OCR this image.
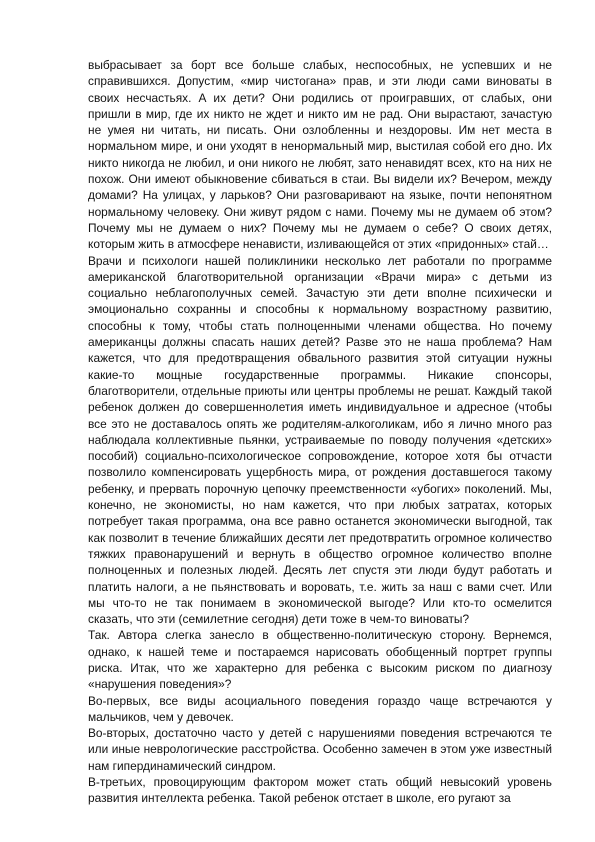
выбрасывает за борт все больше слабых, неспособных, не успевших и не справившихся. Допустим, «мир чистогана» прав, и эти люди сами виноваты в своих несчастьях. А их дети? Они родились от проигравших, от слабых, они пришли в мир, где их никто не ждет и никто им не рад. Они вырастают, зачастую не умея ни читать, ни писать. Они озлобленны и нездоровы. Им нет места в нормальном мире, и они уходят в ненормальный мир, выстилая собой его дно. Их никто никогда не любил, и они никого не любят, зато ненавидят всех, кто на них не похож. Они имеют обыкновение сбиваться в стаи. Вы видели их? Вечером, между домами? На улицах, у ларьков? Они разговаривают на языке, почти непонятном нормальному человеку. Они живут рядом с нами. Почему мы не думаем об этом? Почему мы не думаем о них? Почему мы не думаем о себе? О своих детях, которым жить в атмосфере ненависти, изливающейся от этих «придонных» стай…

Врачи и психологи нашей поликлиники несколько лет работали по программе американской благотворительной организации «Врачи мира» с детьми из социально неблагополучных семей. Зачастую эти дети вполне психически и эмоционально сохранны и способны к нормальному возрастному развитию, способны к тому, чтобы стать полноценными членами общества. Но почему американцы должны спасать наших детей? Разве это не наша проблема? Нам кажется, что для предотвращения обвального развития этой ситуации нужны какие-то мощные государственные программы. Никакие спонсоры, благотворители, отдельные приюты или центры проблемы не решат. Каждый такой ребенок должен до совершеннолетия иметь индивидуальное и адресное (чтобы все это не доставалось опять же родителям-алкоголикам, ибо я лично много раз наблюдала коллективные пьянки, устраиваемые по поводу получения «детских» пособий) социально-психологическое сопровождение, которое хотя бы отчасти позволило компенсировать ущербность мира, от рождения доставшегося такому ребенку, и прервать порочную цепочку преемственности «убогих» поколений. Мы, конечно, не экономисты, но нам кажется, что при любых затратах, которых потребует такая программа, она все равно останется экономически выгодной, так как позволит в течение ближайших десяти лет предотвратить огромное количество тяжких правонарушений и вернуть в общество огромное количество вполне полноценных и полезных людей. Десять лет спустя эти люди будут работать и платить налоги, а не пьянствовать и воровать, т.е. жить за наш с вами счет. Или мы что-то не так понимаем в экономической выгоде? Или кто-то осмелится сказать, что эти (семилетние сегодня) дети тоже в чем-то виноваты?

Так. Автора слегка занесло в общественно-политическую сторону. Вернемся, однако, к нашей теме и постараемся нарисовать обобщенный портрет группы риска. Итак, что же характерно для ребенка с высоким риском по диагнозу «нарушения поведения»?

Во-первых, все виды асоциального поведения гораздо чаще встречаются у мальчиков, чем у девочек.

Во-вторых, достаточно часто у детей с нарушениями поведения встречаются те или иные неврологические расстройства. Особенно замечен в этом уже известный нам гипердинамический синдром.

В-третьих, провоцирующим фактором может стать общий невысокий уровень развития интеллекта ребенка. Такой ребенок отстает в школе, его ругают за
